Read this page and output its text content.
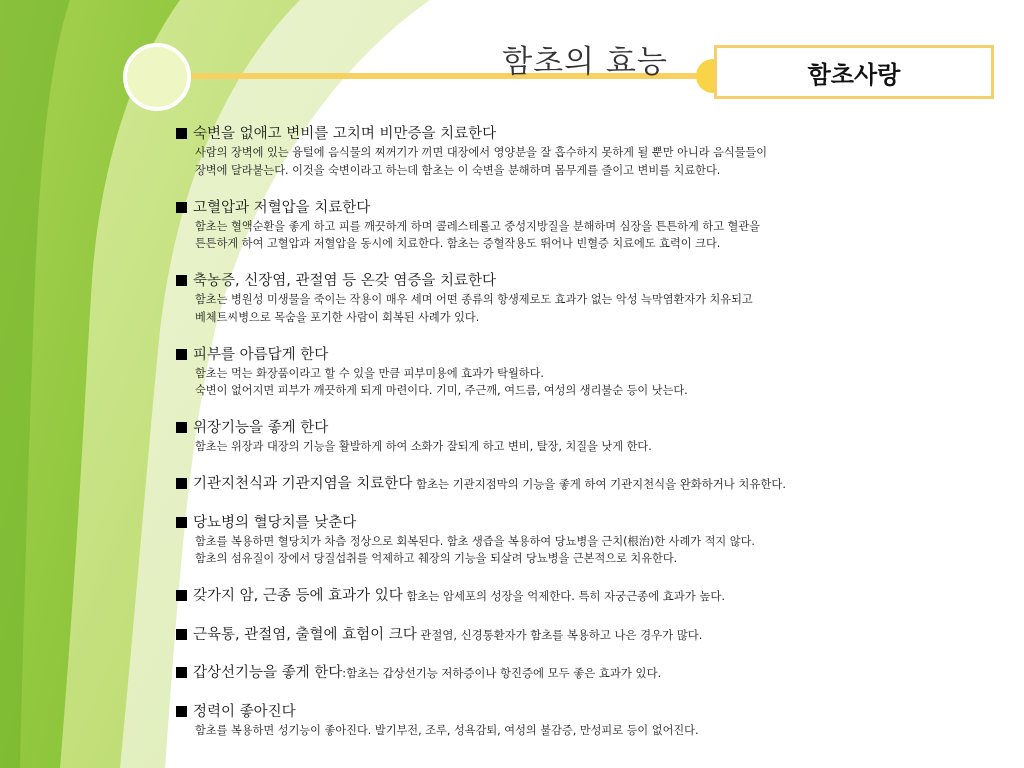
함초의 효능	함초사랑
숙변을 없애고 변비를 고치며 비만증을 치료한다
사람의 장벽에 있는 융털에 음식물의 찌꺼기가 끼면 대장에서 영양분을 잘 흡수하지 못하게 될 뿐만 아니라 음식물들이
장벽에 달라붙는다. 이것을 숙변이라고 하는데 함초는 이 숙변을 분해하며 몸무게를 줄이고 변비를 치료한다.
고혈압과 저혈압을 치료한다
함초는 혈액순환을 좋게 하고 피를 깨끗하게 하며 콜레스테롤고 중성지방질을 분해하며 심장을 튼튼하게 하고 혈관을
튼튼하게 하여 고혈압과 저혈압을 동시에 치료한다. 함초는 증혈작용도 뛰어나 빈혈증 치료에도 효력이 크다.
축농증, 신장염, 관절염 등 온갖 염증을 치료한다
함초는 병원성 미생물을 죽이는 작용이 매우 세며 어떤 종류의 항생제로도 효과가 없는 악성 늑막염환자가 치유되고
베체트씨병으로 목숨을 포기한 사람이 회복된 사례가 있다.
피부를 아름답게 한다
함초는 먹는 화장품이라고 할 수 있을 만큼 피부미용에 효과가 탁월하다.
숙변이 없어지면 피부가 깨끗하게 되게 마련이다. 기미, 주근깨, 여드름, 여성의 생리불순 등이 낫는다.
위장기능을 좋게 한다
함초는 위장과 대장의 기능을 활발하게 하여 소화가 잘되게 하고 변비, 탈장, 치질을 낫게 한다.
기관지천식과 기관지염을 치료한다 함초는 기관지점막의 기능을 좋게 하여 기관지천식을 완화하거나 치유한다.
당뇨병의 혈당치를 낮춘다
함초를 복용하면 혈당치가 차츰 정상으로 회복된다. 함초 생즙을 복용하여 당뇨병을 근치(根治)한 사례가 적지 않다.
함초의 섬유질이 장에서 당질섭취를 억제하고 췌장의 기능을 되살려 당뇨병을 근본적으로 치유한다.
갖가지 암, 근종 등에 효과가 있다 함초는 암세포의 성장을 억제한다. 특히 자궁근종에 효과가 높다.
근육통, 관절염, 출혈에 효험이 크다 관절염, 신경통환자가 함초를 복용하고 나은 경우가 많다.
갑상선기능을 좋게 한다:함초는 갑상선기능 저하증이나 항진증에 모두 좋은 효과가 있다.
정력이 좋아진다
함초를 복용하면 성기능이 좋아진다. 발기부전, 조루, 성욕감퇴, 여성의 불감증, 만성피로 등이 없어진다.
